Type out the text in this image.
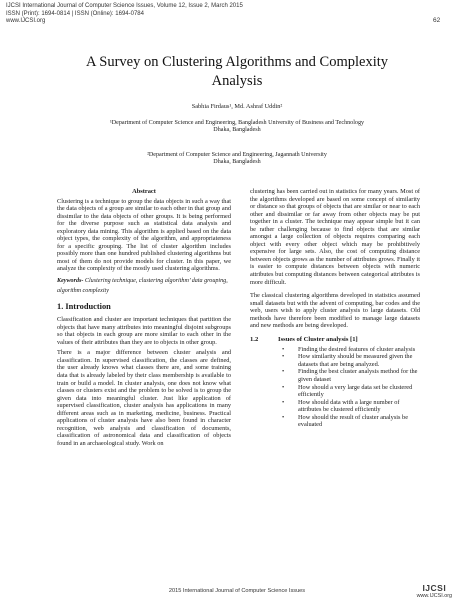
IJCSI International Journal of Computer Science Issues, Volume 12, Issue 2, March 2015
ISSN (Print): 1694-0814 | ISSN (Online): 1694-0784
www.IJCSI.org	62
A Survey on Clustering Algorithms and Complexity
Analysis
Sabhia Firdaus¹, Md. Ashraf Uddin²
¹Department of Computer Science and Engineering, Bangladesh University of Business and Technology
Dhaka, Bangladesh
²Department of Computer Science and Engineering, Jagannath University
Dhaka, Bangladesh
Abstract

Clustering is a technique to group the data objects in such a way that the data objects of a group are similar to each other in that group and dissimilar to the data objects of other groups. It is being performed for the diverse purpose such as statistical data analysis and exploratory data mining. This algorithm is applied based on the data object types, the complexity of the algorithm, and appropriateness for a specific grouping. The list of cluster algorithm includes possibly more than one hundred published clustering algorithms but most of them do not provide models for cluster. In this paper, we analyze the complexity of the mostly used clustering algorithms.

Keywords- Clustering technique, clustering algorithm’ data grouping, algorithm complexity
1. Introduction

Classification and cluster are important techniques that partition the objects that have many attributes into meaningful disjoint subgroups so that objects in each group are more similar to each other in the values of their attributes than they are to objects in other group.

There is a major difference between cluster analysis and classification. In supervised classification, the classes are defined, the user already knows what classes there are, and some training data that is already labeled by their class membership is available to train or build a model. In cluster analysis, one does not know what classes or clusters exist and the problem to be solved is to group the given data into meaningful cluster. Just like application of supervised classification, cluster analysis has applications in many different areas such as in marketing, medicine, business. Practical applications of cluster analysis have also been found in character recognition, web analysis and classification of documents, classification of astronomical data and classification of objects found in an archaeological study. Work on

clustering has been carried out in statistics for many years. Most of the algorithms developed are based on some concept of similarity or distance so that groups of objects that are similar or near to each other and dissimilar or far away from other objects may be put together in a cluster. The technique may appear simple but it can be rather challenging because to find objects that are similar amongst a large collection of objects requires comparing each object with every other object which may be prohibitively expensive for large sets. Also, the cost of computing distance between objects grows as the number of attributes grows. Finally it is easier to compute distances between objects with numeric attributes but computing distances between categorical attributes is more difficult.

The classical clustering algorithms developed in statistics assumed small datasets but with the advent of computing, bar codes and the web, users wish to apply cluster analysis to large datasets. Old methods have therefore been modified to manage large datasets and new methods are being developed.

1.2	Issues of Cluster analysis [1]
• Finding the desired features of cluster analysis
• How similarity should be measured given the datasets that are being analyzed.
• Finding the best cluster analysis method for the given dataset
• How should a very large data set be clustered efficiently
• How should data with a large number of attributes be clustered efficiently
• How should the result of cluster analysis be evaluated
2015 International Journal of Computer Science Issues	IJCSI
www.IJCSI.org
